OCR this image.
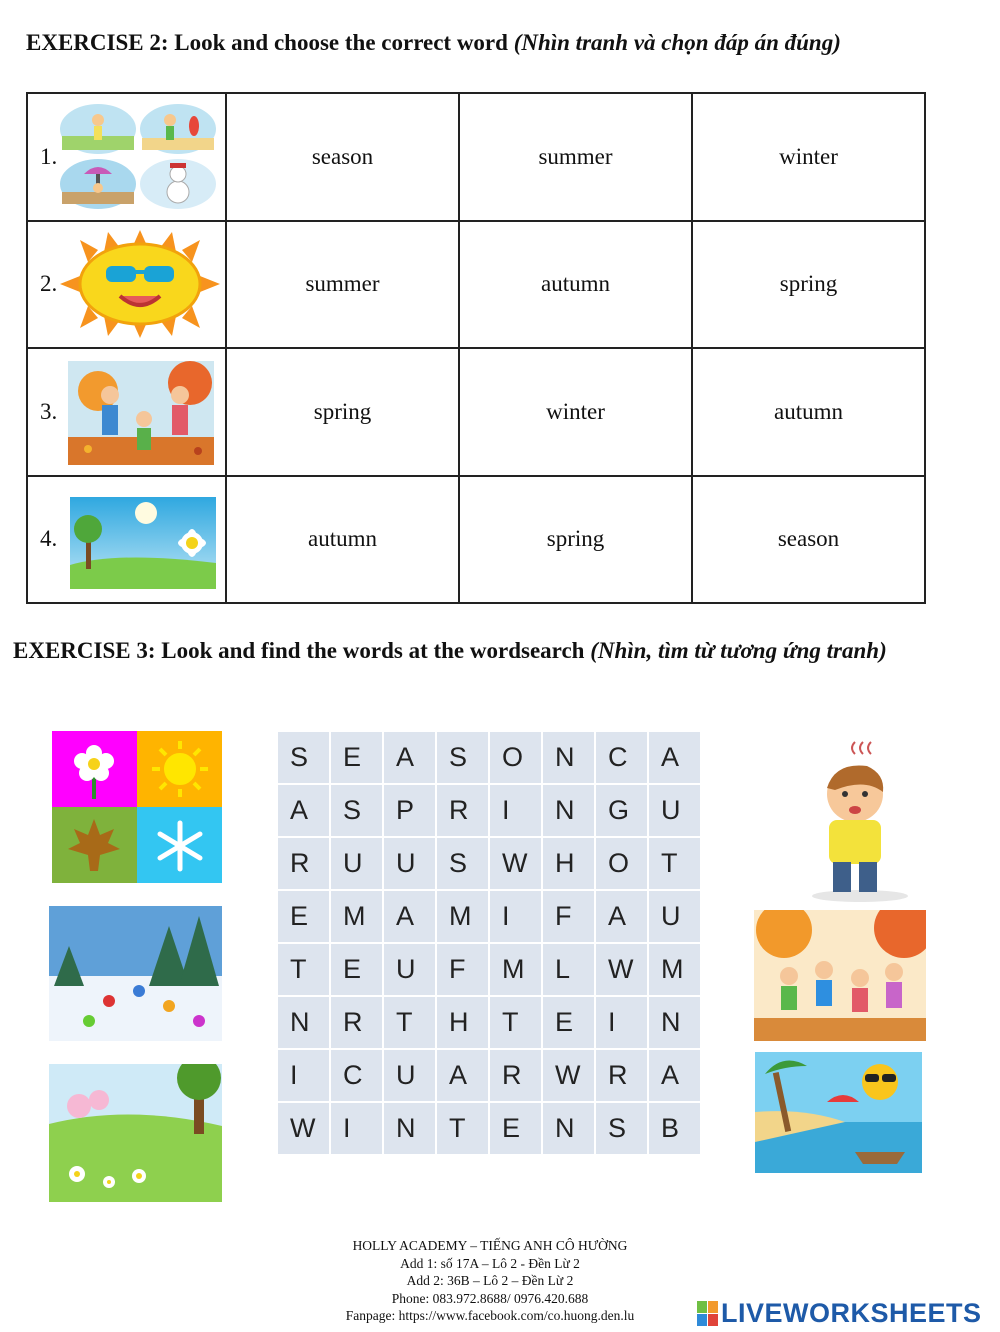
EXERCISE 2: Look and choose the correct word (Nhìn tranh và chọn đáp án đúng)
1.	season	summer	winter

2.	summer	autumn	spring

3.	spring	winter	autumn

4.	autumn	spring	season
EXERCISE 3: Look and find the words at the wordsearch (Nhìn, tìm từ tương ứng tranh)
S	E	A	S	O	N	C	A
A	S	P	R	I	N	G	U
R	U	U	S	W	H	O	T
E	M	A	M	I	F	A	U
T	E	U	F	M	L	W	M
N	R	T	H	T	E	I	N
I	C	U	A	R	W	R	A
W	I	N	T	E	N	S	B
HOLLY ACADEMY – TIẾNG ANH CÔ HƯỜNG
Add 1: số 17A – Lô 2 - Đền Lừ 2
Add 2: 36B – Lô 2 – Đền Lừ 2
Phone: 083.972.8688/ 0976.420.688
Fanpage: https://www.facebook.com/co.huong.den.lu	LIVEWORKSHEETS
